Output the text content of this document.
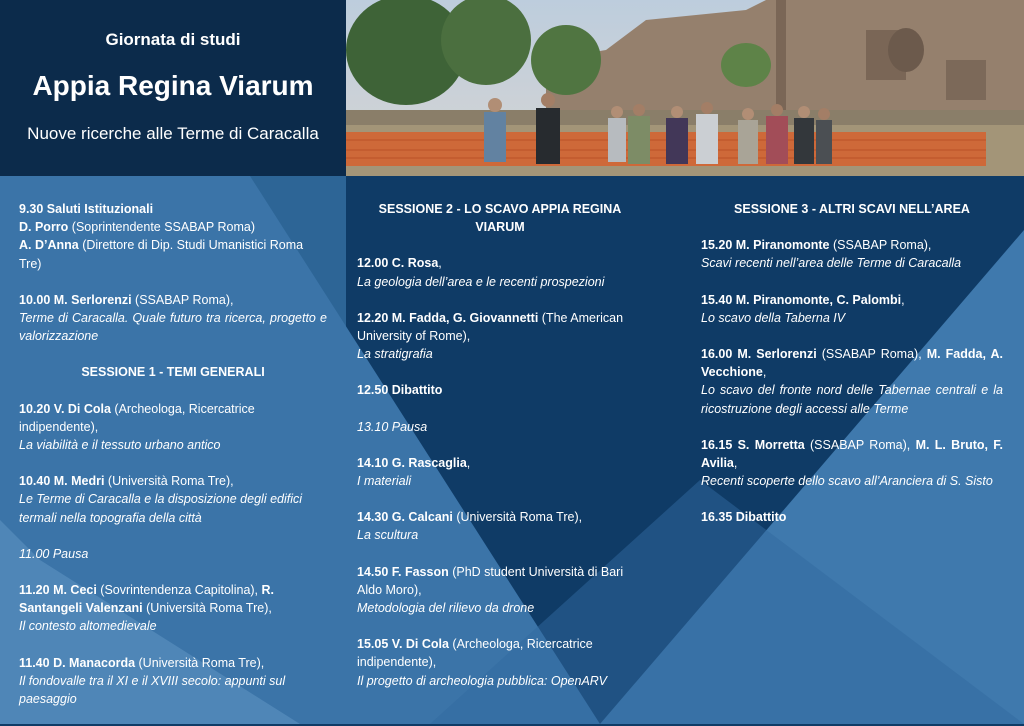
Giornata di studi
Appia Regina Viarum
Nuove ricerche alle Terme di Caracalla

9.30 Saluti Istituzionali
D. Porro (Soprintendente SSABAP Roma)
A. D’Anna (Direttore di Dip. Studi Umanistici Roma Tre)

10.00 M. Serlorenzi (SSABAP Roma),
Terme di Caracalla. Quale futuro tra ricerca, progetto e valorizzazione

SESSIONE 1 - TEMI GENERALI

10.20 V. Di Cola (Archeologa, Ricercatrice indipendente),
La viabilità e il tessuto urbano antico

10.40 M. Medri (Università Roma Tre),
Le Terme di Caracalla e la disposizione degli edifici termali nella topografia della città

11.00 Pausa

11.20 M. Ceci (Sovrintendenza Capitolina), R. Santangeli Valenzani (Università Roma Tre),
Il contesto altomedievale

11.40 D. Manacorda (Università Roma Tre),
Il fondovalle tra il XI e il XVIII secolo: appunti sul paesaggio

SESSIONE 2 - LO SCAVO APPIA REGINA VIARUM

12.00 C. Rosa,
La geologia dell’area e le recenti prospezioni

12.20 M. Fadda, G. Giovannetti (The American University of Rome),
La stratigrafia

12.50 Dibattito

13.10 Pausa

14.10 G. Rascaglia,
I materiali

14.30 G. Calcani (Università Roma Tre),
La scultura

14.50 F. Fasson (PhD student Università di Bari Aldo Moro),
Metodologia del rilievo da drone

15.05 V. Di Cola (Archeologa, Ricercatrice indipendente),
Il progetto di archeologia pubblica: OpenARV

SESSIONE 3 - ALTRI SCAVI NELL’AREA

15.20 M. Piranomonte (SSABAP Roma),
Scavi recenti nell’area delle Terme di Caracalla

15.40 M. Piranomonte, C. Palombi,
Lo scavo della Taberna IV

16.00 M. Serlorenzi (SSABAP Roma), M. Fadda, A. Vecchione,
Lo scavo del fronte nord delle Tabernae centrali e la ricostruzione degli accessi alle Terme

16.15 S. Morretta (SSABAP Roma), M. L. Bruto, F. Avilia,
Recenti scoperte dello scavo all’Aranciera di S. Sisto

16.35 Dibattito
